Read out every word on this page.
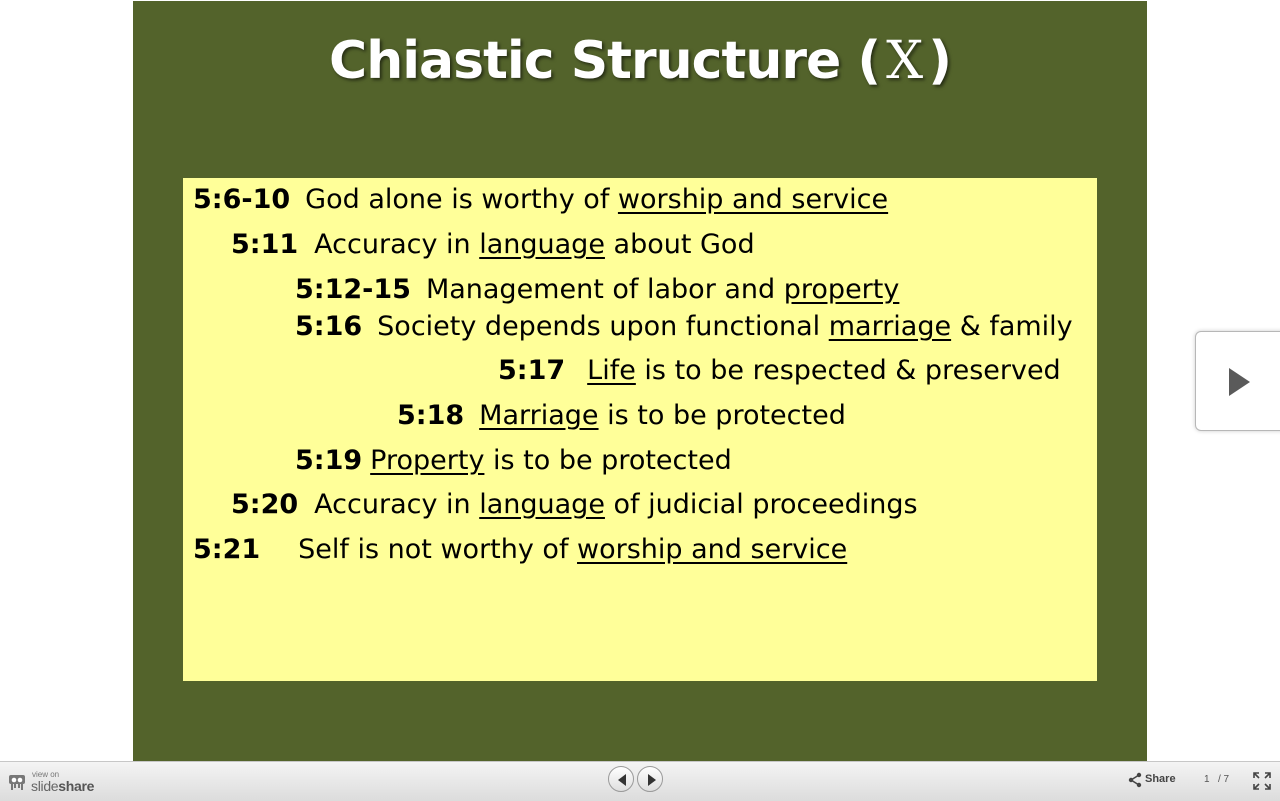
Chiastic Structure ( Χ )
5:6-10 God alone is worthy of worship and service
5:11 Accuracy in language about God
5:12-15 Management of labor and property
5:16 Society depends upon functional marriage & family
5:17 Life is to be respected & preserved
5:18 Marriage is to be protected
5:19 Property is to be protected
5:20 Accuracy in language of judicial proceedings
5:21 Self is not worthy of worship and service
view on
slideshare	Share	1 / 7
